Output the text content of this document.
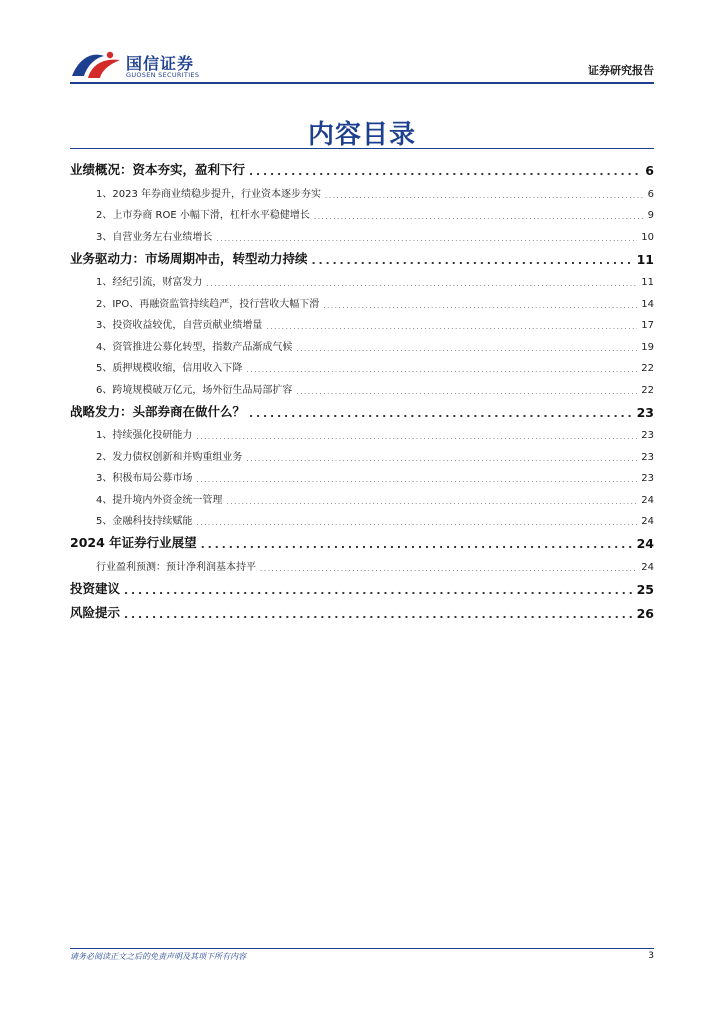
国信证券
GUOSEN SECURITIES	证券研究报告
内容目录
业绩概况：资本夯实，盈利下行 . . .	6
1、2023 年券商业绩稳步提升，行业资本逐步夯实 . . .	6
2、上市券商 ROE 小幅下滑，杠杆水平稳健增长 . . .	9
3、自营业务左右业绩增长 . . .	10
业务驱动力：市场周期冲击，转型动力持续 . . .	11
1、经纪引流，财富发力 . . .	11
2、IPO、再融资监管持续趋严，投行营收大幅下滑 . . .	14
3、投资收益较优，自营贡献业绩增量 . . .	17
4、资管推进公募化转型，指数产品渐成气候 . . .	19
5、质押规模收缩，信用收入下降 . . .	22
6、跨境规模破万亿元，场外衍生品局部扩容 . . .	22
战略发力：头部券商在做什么？ . . .	23
1、持续强化投研能力 . . .	23
2、发力债权创新和并购重组业务 . . .	23
3、积极布局公募市场 . . .	23
4、提升境内外资金统一管理 . . .	24
5、金融科技持续赋能 . . .	24
2024 年证券行业展望 . . .	24
行业盈利预测：预计净利润基本持平 . . .	24
投资建议 . . .	25
风险提示 . . .	26
请务必阅读正文之后的免责声明及其项下所有内容	3
